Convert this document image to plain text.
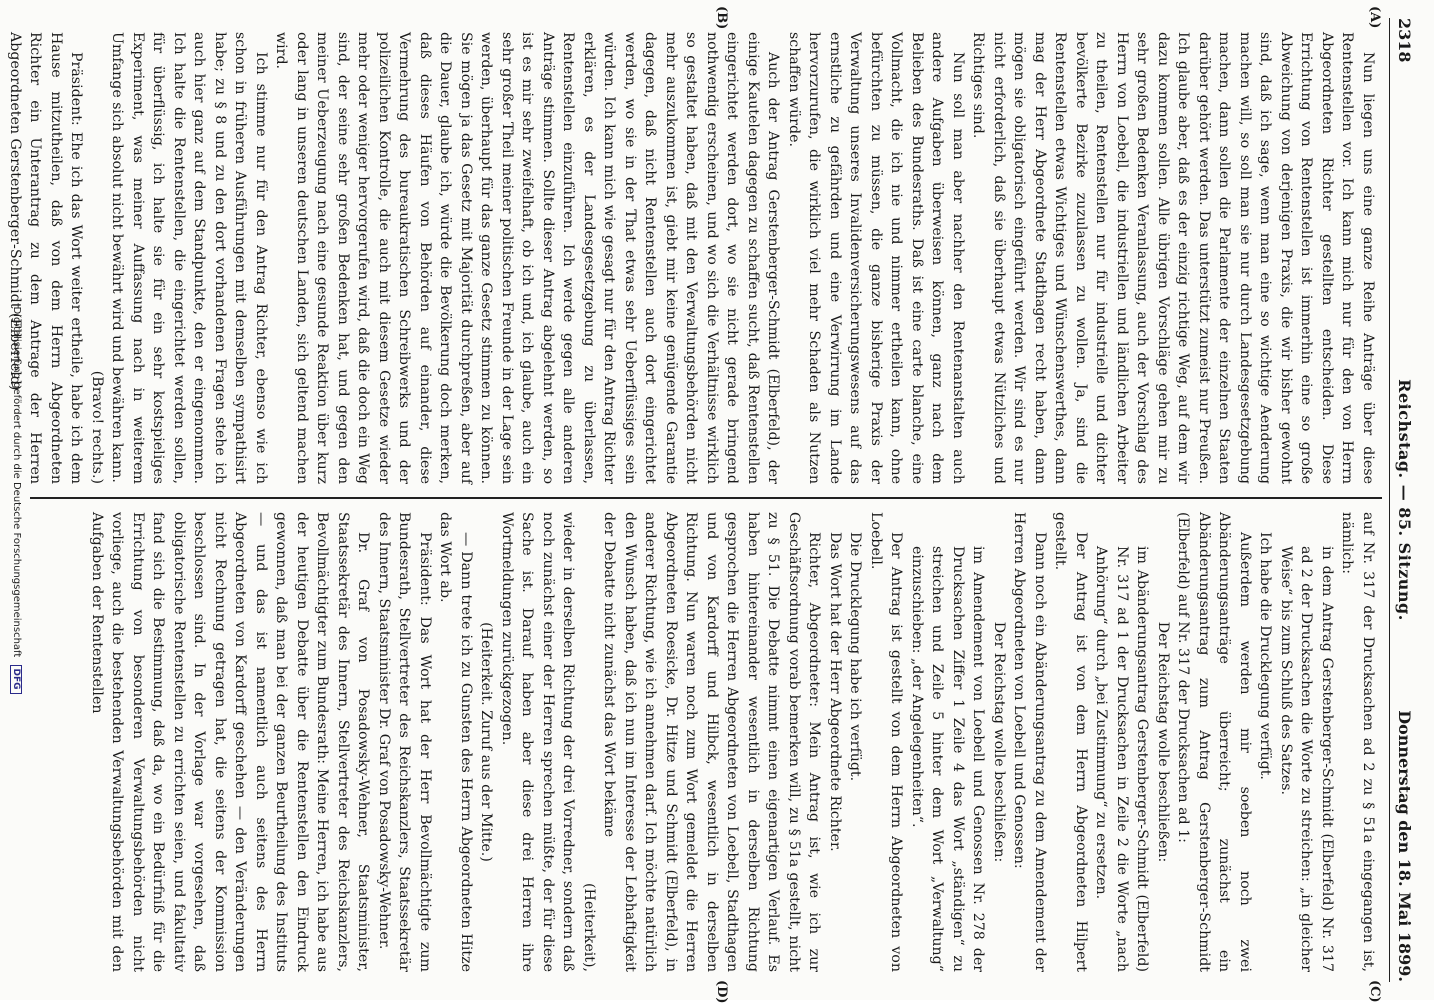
2318
Reichstag. — 85. Sitzung.
Donnerstag den 18. Mai 1899.
(A)
(B)
(C)
(D)

Nun liegen uns eine ganze Reihe Anträge über diese Rentenstellen vor. Ich kann mich nur für den von Herrn Abgeordneten Richter gestellten entscheiden. Diese Errichtung von Rentenstellen ist immerhin eine so große Abweichung von derjenigen Praxis, die wir bisher gewohnt sind, daß ich sage, wenn man eine so wichtige Aenderung machen will, so soll man sie nur durch Landesgesetzgebung machen, dann sollen die Parlamente der einzelnen Staaten darüber gehört werden. Das unterstützt zumeist nur Preußen. Ich glaube aber, daß es der einzig richtige Weg, auf dem wir dazu kommen sollen. Alle übrigen Vorschläge gehen mir zu sehr großen Bedenken Veranlassung, auch der Vorschlag des Herrn von Loebell, die industriellen und ländlichen Arbeiter zu theilen, Rentenstellen nur für industrielle und dichter bevölkerte Bezirke zuzulassen zu wollen. Ja, sind die Rentenstellen etwas Wichtiges und Wünschenswerthes, dann mag der Herr Abgeordnete Stadthagen recht haben, dann mögen sie obligatorisch eingeführt werden. Wir sind es nur nicht erforderlich, daß sie überhaupt etwas Nützliches und Richtiges sind.

Nun soll man aber nachher den Rentenanstalten auch andere Aufgaben überweisen können, ganz nach dem Belieben des Bundesraths. Daß ist eine carte blanche, eine Vollmacht, die ich nie und nimmer ertheilen kann, ohne befürchten zu müssen, die ganze bisherige Praxis der Verwaltung unseres Invalidenversicherungswesens auf das ernstliche zu gefährden und eine Verwirrung im Lande hervorzurufen, die wirklich viel mehr Schaden als Nutzen schaffen würde.

Auch der Antrag Gerstenberger-Schmidt (Elberfeld), der einige Kautelen dagegen zu schaffen sucht, daß Rentenstellen eingerichtet werden dort, wo sie nicht gerade bringend nothwendig erscheinen, und wo sich die Verhältnisse wirklich so gestaltet haben, daß mit den Verwaltungsbehörden nicht mehr auszukommen ist, giebt mir keine genügende Garantie dagegen, daß nicht Rentenstellen auch dort eingerichtet werden, wo sie in der That etwas sehr Ueberflüssiges sein würden. Ich kann mich wie gesagt nur für den Antrag Richter erklären, es der Landesgesetzgebung zu überlassen, Rentenstellen einzuführen. Ich werde gegen alle anderen Anträge stimmen. Sollte dieser Antrag abgelehnt werden, so ist es mir sehr zweifelhaft, ob ich und, ich glaube, auch ein sehr großer Theil meiner politischen Freunde in der Lage sein werden, überhaupt für das ganze Gesetz stimmen zu können. Sie mögen ja das Gesetz mit Majorität durchpreßen, aber auf die Dauer, glaube ich, würde die Bevölkerung doch merken, daß dieses Häufen von Behörden auf einander, diese Vermehrung des bureaukratischen Schreibwerks und der polizeilichen Kontrolle, die auch mit diesem Gesetze wieder mehr oder weniger hervorgerufen wird, daß die doch ein Weg sind, der seine sehr großen Bedenken hat, und gegen den meiner Ueberzeugung nach eine gesunde Reaktion über kurz oder lang in unseren deutschen Landen, sich geltend machen wird.

Ich stimme nur für den Antrag Richter, ebenso wie ich schon in früheren Ausführungen mit demselben sympathisirt habe; zu § 8 und zu den dort vorhandenen Fragen stehe ich auch hier ganz auf dem Standpunkte, den er eingenommen. Ich halte die Rentenstellen, die eingerichtet werden sollen, für überflüssig, ich halte sie für ein sehr kostspieliges Experiment, was meiner Auffassung nach in weiterem Umfange sich absolut nicht bewährt wird und bewähren kann.

(Bravo! rechts.)

Präsident: Ehe ich das Wort weiter ertheile, habe ich dem Hause mitzutheilen, daß von dem Herrn Abgeordneten Richter ein Unterantrag zu dem Antrage der Herren Abgeordneten Gerstenberger-Schmidt (Elberfeld)

auf Nr. 317 der Drucksachen ad 2 zu § 51a eingegangen ist, nämlich:

in dem Antrag Gerstenberger-Schmidt (Elberfeld) Nr. 317 ad 2 der Drucksachen die Worte zu streichen: „in gleicher Weise“ bis zum Schluß des Satzes.

Ich habe die Drucklegung verfügt.

Außerdem werden mir soeben noch zwei Abänderungsanträge überreicht; zunächst ein Abänderungsantrag zum Antrag Gerstenberger-Schmidt (Elberfeld) auf Nr. 317 der Drucksachen ad 1:

Der Reichstag wolle beschließen:

im Abänderungsantrag Gerstenberger-Schmidt (Elberfeld) Nr. 317 ad 1 der Drucksachen in Zeile 2 die Worte „nach Anhörung“ durch „bei Zustimmung“ zu ersetzen.

Der Antrag ist von dem Herrn Abgeordneten Hilpert gestellt.

Dann noch ein Abänderungsantrag zu dem Amendement der Herren Abgeordneten von Loebell und Genossen:

Der Reichstag wolle beschließen:

im Amendement von Loebell und Genossen Nr. 278 der Drucksachen Ziffer 1 Zeile 4 das Wort „ständigen“ zu streichen und Zeile 5 hinter dem Wort „Verwaltung“ einzuschieben: „der Angelegenheiten“.

Der Antrag ist gestellt von dem Herrn Abgeordneten von Loebell.

Die Drucklegung habe ich verfügt.

Das Wort hat der Herr Abgeordnete Richter.

Richter, Abgeordneter: Mein Antrag ist, wie ich zur Geschäftsordnung vorab bemerken will, zu § 51a gestellt, nicht zu § 51. Die Debatte nimmt einen eigenartigen Verlauf. Es haben hintereinander wesentlich in derselben Richtung gesprochen die Herren Abgeordneten von Loebell, Stadthagen und von Kardorff und Hilbck, wesentlich in derselben Richtung. Nun waren noch zum Wort gemeldet die Herren Abgeordneten Roesicke, Dr. Hitze und Schmidt (Elberfeld), in anderer Richtung, wie ich annehmen darf. Ich möchte natürlich den Wunsch haben, daß ich nun im Interesse der Lebhaftigkeit der Debatte nicht zunächst das Wort bekäme

(Heiterkeit),

wieder in derselben Richtung der drei Vorredner, sondern daß noch zunächst einer der Herren sprechen müßte, der für diese Sache ist. Darauf haben aber diese drei Herren ihre Wortmeldungen zurückgezogen.

(Heiterkeit. Zuruf aus der Mitte.)

— Dann trete ich zu Gunsten des Herrn Abgeordneten Hitze das Wort ab.

Präsident: Das Wort hat der Herr Bevollmächtigte zum Bundesrath, Stellvertreter des Reichskanzlers, Staatssekretär des Innern, Staatsminister Dr. Graf von Posadowsky-Wehner.

Dr. Graf von Posadowsky-Wehner, Staatsminister, Staatssekretär des Innern, Stellvertreter des Reichskanzlers, Bevollmächtigter zum Bundesrath: Meine Herren, ich habe aus der heutigen Debatte über die Rentenstellen den Eindruck gewonnen, daß man bei der ganzen Beurtheilung des Instituts — und das ist namentlich auch seitens des Herrn Abgeordneten von Kardorff geschehen — den Veränderungen nicht Rechnung getragen hat, die seitens der Kommission beschlossen sind. In der Vorlage war vorgesehen, daß obligatorische Rentenstellen zu errichten seien, und fakultativ fand sich die Bestimmung, daß da, wo ein Bedürfniß für die Errichtung von besonderen Verwaltungsbehörden nicht vorliege, auch die bestehenden Verwaltungsbehörden mit den Aufgaben der Rentenstellen

Digitalisierung gefördert durch die Deutsche Forschungsgemeinschaft DFG
